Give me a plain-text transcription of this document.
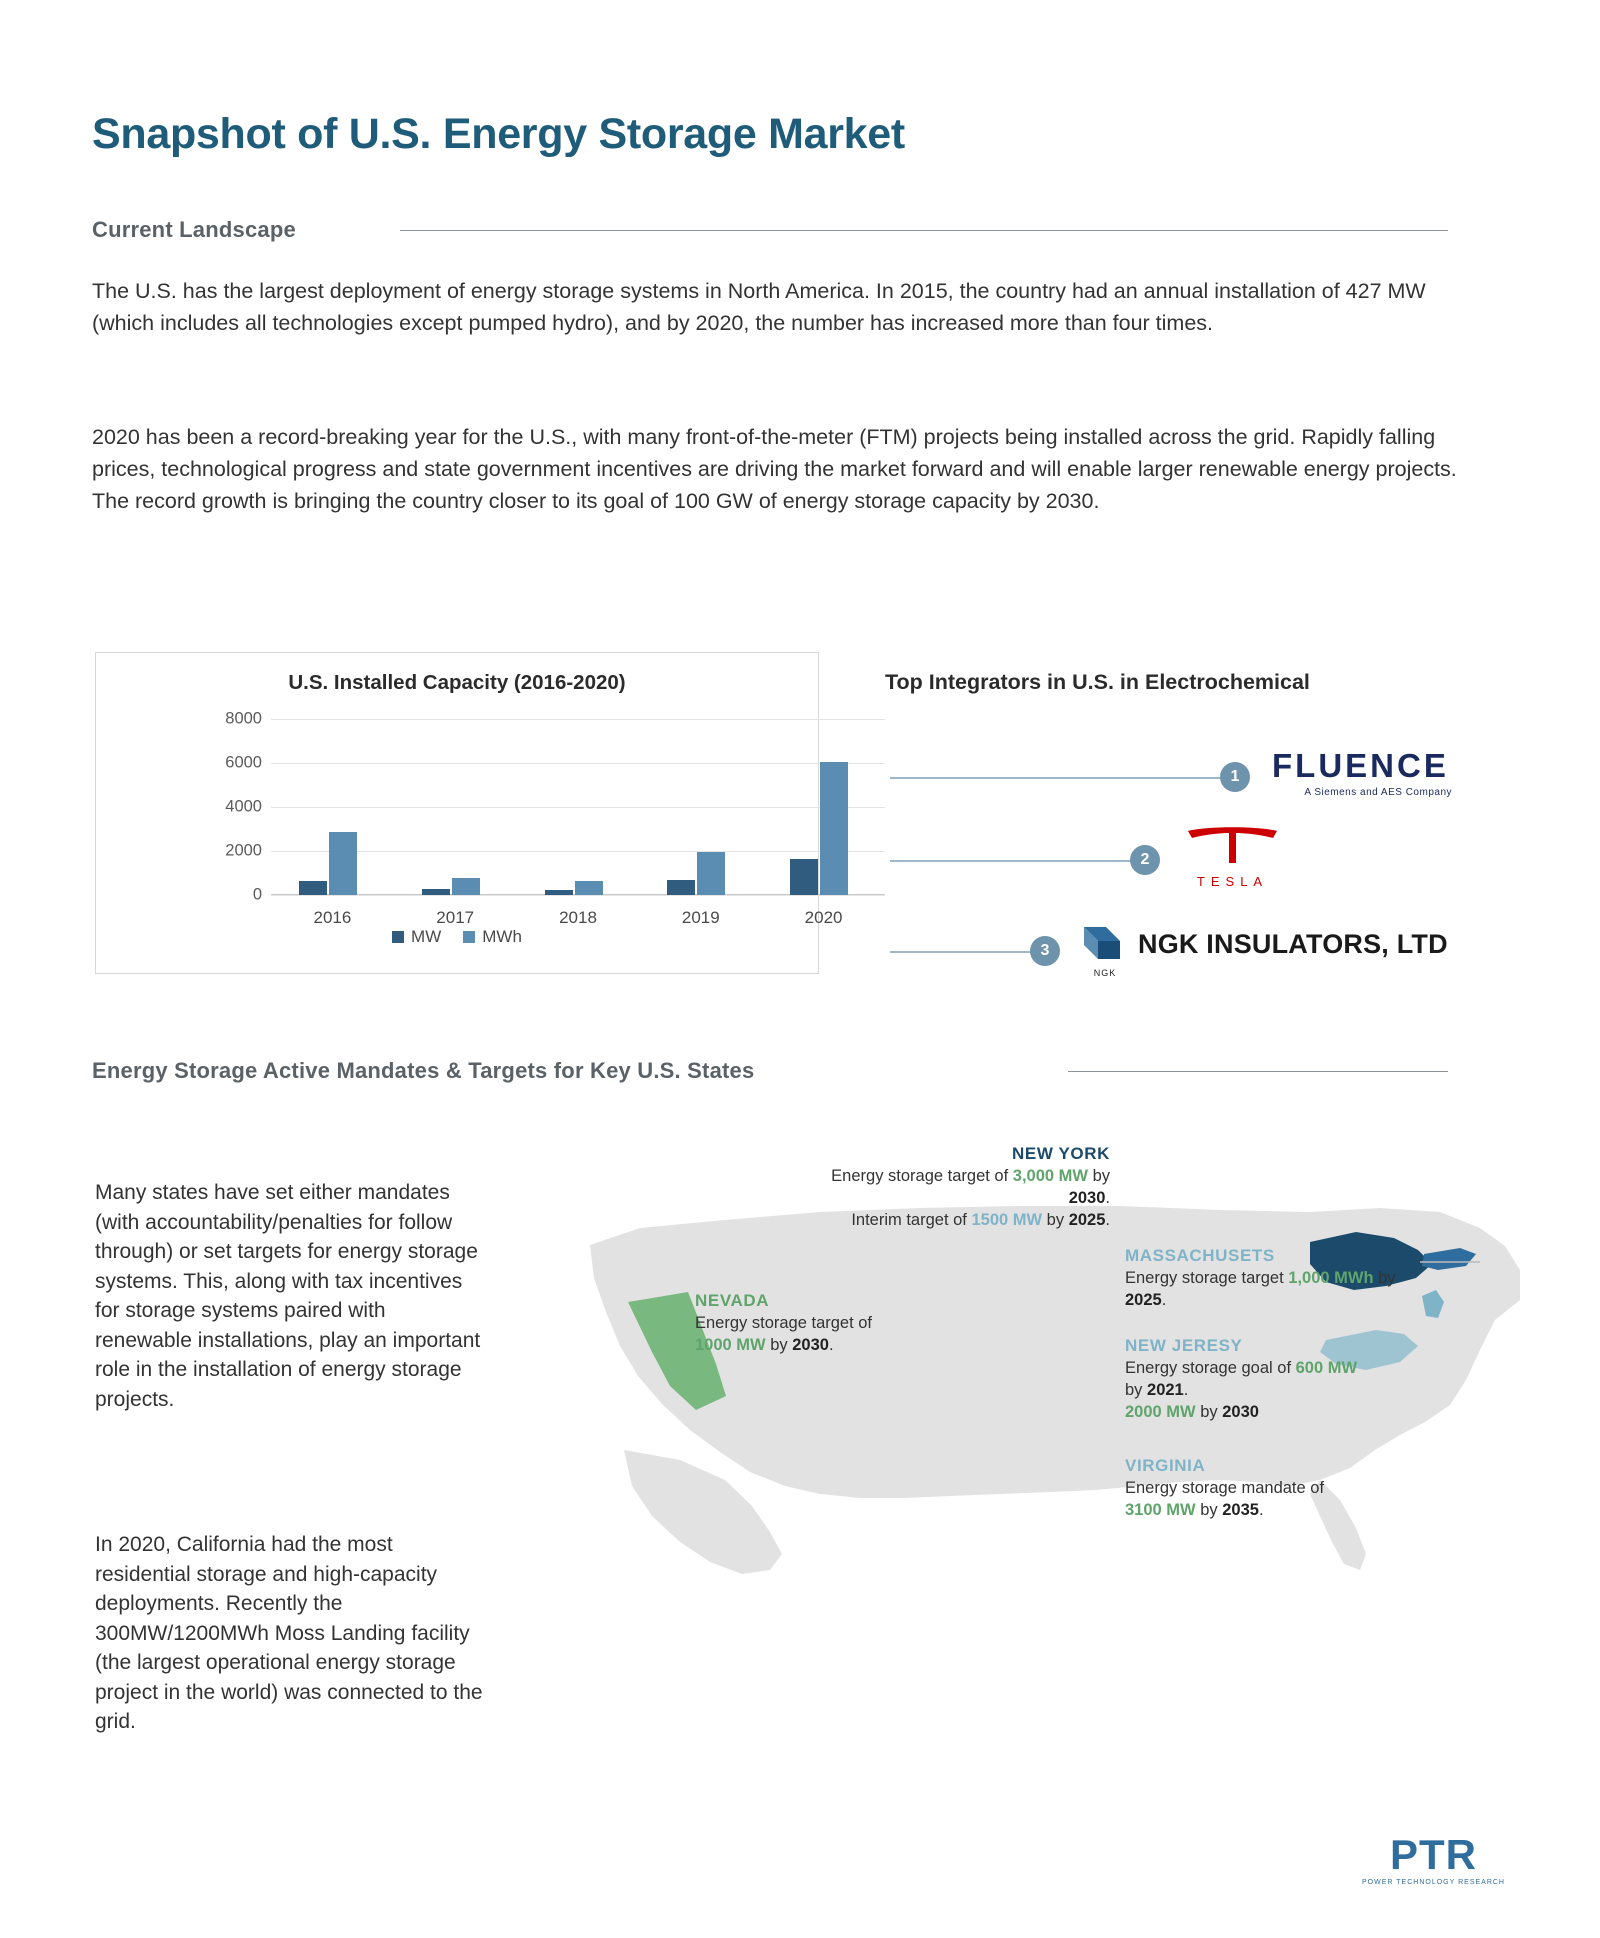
Snapshot of U.S. Energy Storage Market
Current Landscape
The U.S. has the largest deployment of energy storage systems in North America. In 2015, the country had an annual installation of 427 MW (which includes all technologies except pumped hydro), and by 2020, the number has increased more than four times.
2020 has been a record-breaking year for the U.S., with many front-of-the-meter (FTM) projects being installed across the grid. Rapidly falling prices, technological progress and state government incentives are driving the market forward and will enable larger renewable energy projects. The record growth is bringing the country closer to its goal of 100 GW of energy storage capacity by 2030.
U.S. Installed Capacity (2016-2020)
8000
6000
4000
2000
0
2016	2017	2018	2019	2020
MW MWh
Top Integrators in U.S. in Electrochemical
1 FLUENCE
A Siemens and AES Company
2
TESLA
3
NGK
NGK INSULATORS, LTD
Energy Storage Active Mandates & Targets for Key U.S. States
Many states have set either mandates (with accountability/penalties for follow through) or set targets for energy storage systems. This, along with tax incentives for storage systems paired with renewable installations, play an important role in the installation of energy storage projects.
In 2020, California had the most residential storage and high-capacity deployments. Recently the 300MW/1200MWh Moss Landing facility (the largest operational energy storage project in the world) was connected to the grid.
NEW YORK
Energy storage target of 3,000 MW by 2030.
Interim target of 1500 MW by 2025.
NEVADA
Energy storage target of
1000 MW by 2030.
MASSACHUSETS
Energy storage target 1,000 MWh by 2025.
NEW JERESY
Energy storage goal of 600 MW
by 2021.
2000 MW by 2030
VIRGINIA
Energy storage mandate of
3100 MW by 2035.
PTR
POWER TECHNOLOGY RESEARCH
